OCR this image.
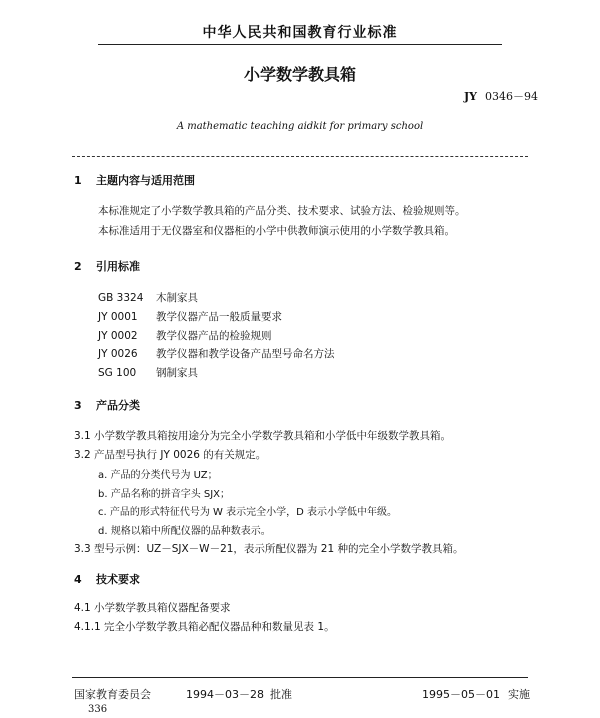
中华人民共和国教育行业标准
小学数学教具箱
JY 0346－94
A mathematic teaching aidkit for primary school
1 主题内容与适用范围
本标准规定了小学数学教具箱的产品分类、技术要求、试验方法、检验规则等。
本标准适用于无仪器室和仪器柜的小学中供教师演示使用的小学数学教具箱。
2 引用标准
GB 3324 木制家具
JY 0001 教学仪器产品一般质量要求
JY 0002 教学仪器产品的检验规则
JY 0026 教学仪器和教学设备产品型号命名方法
SG 100 钢制家具
3 产品分类
3.1 小学数学教具箱按用途分为完全小学数学教具箱和小学低中年级数学教具箱。
3.2 产品型号执行 JY 0026 的有关规定。
a. 产品的分类代号为 UZ；
b. 产品名称的拼音字头 SJX；
c. 产品的形式特征代号为 W 表示完全小学，D 表示小学低中年级。
d. 规格以箱中所配仪器的品种数表示。
3.3 型号示例：UZ－SJX－W－21，表示所配仪器为 21 种的完全小学数学教具箱。
4 技术要求
4.1 小学数学教具箱仪器配备要求
4.1.1 完全小学数学教具箱必配仪器品种和数量见表 1。
国家教育委员会	1994－03－28 批准	1995－05－01 实施
336
